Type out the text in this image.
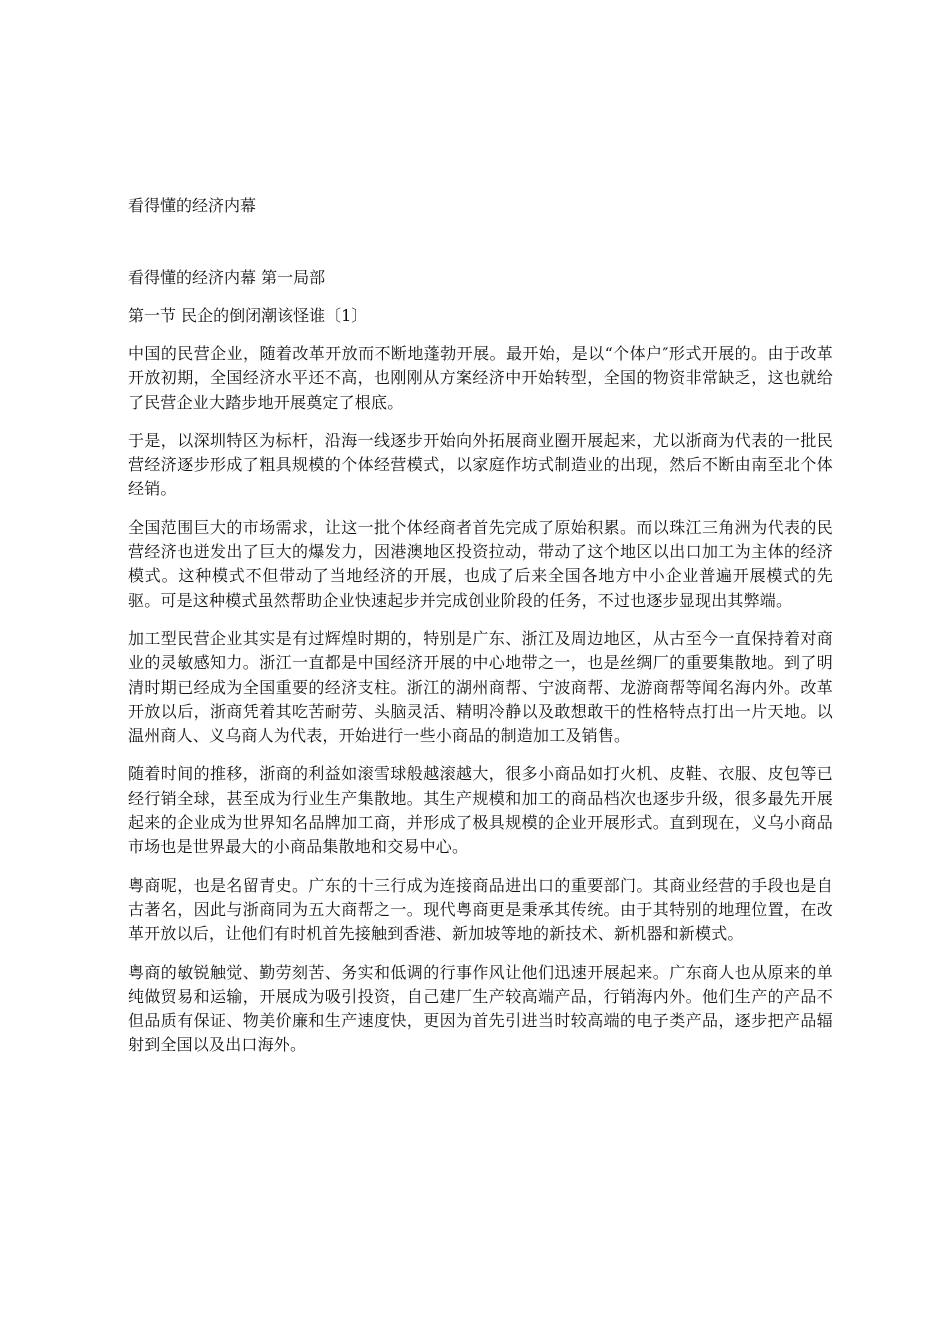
看得懂的经济内幕
看得懂的经济内幕 第一局部
第一节 民企的倒闭潮该怪谁〔1〕

中国的民营企业，随着改革开放而不断地蓬勃开展。最开始，是以“个体户″形式开展的。由于改革开放初期，全国经济水平还不高，也刚刚从方案经济中开始转型，全国的物资非常缺乏，这也就给了民营企业大踏步地开展奠定了根底。

于是，以深圳特区为标杆，沿海一线逐步开始向外拓展商业圈开展起来，尤以浙商为代表的一批民营经济逐步形成了粗具规模的个体经营模式，以家庭作坊式制造业的出现，然后不断由南至北个体经销。

全国范围巨大的市场需求，让这一批个体经商者首先完成了原始积累。而以珠江三角洲为代表的民营经济也迸发出了巨大的爆发力，因港澳地区投资拉动，带动了这个地区以出口加工为主体的经济模式。这种模式不但带动了当地经济的开展，也成了后来全国各地方中小企业普遍开展模式的先驱。可是这种模式虽然帮助企业快速起步并完成创业阶段的任务，不过也逐步显现出其弊端。

加工型民营企业其实是有过辉煌时期的，特别是广东、浙江及周边地区，从古至今一直保持着对商业的灵敏感知力。浙江一直都是中国经济开展的中心地带之一，也是丝绸厂的重要集散地。到了明清时期已经成为全国重要的经济支柱。浙江的湖州商帮、宁波商帮、龙游商帮等闻名海内外。改革开放以后，浙商凭着其吃苦耐劳、头脑灵活、精明冷静以及敢想敢干的性格特点打出一片天地。以温州商人、义乌商人为代表，开始进行一些小商品的制造加工及销售。

随着时间的推移，浙商的利益如滚雪球般越滚越大，很多小商品如打火机、皮鞋、衣服、皮包等已经行销全球，甚至成为行业生产集散地。其生产规模和加工的商品档次也逐步升级，很多最先开展起来的企业成为世界知名品牌加工商，并形成了极具规模的企业开展形式。直到现在，义乌小商品市场也是世界最大的小商品集散地和交易中心。

粤商呢，也是名留青史。广东的十三行成为连接商品进出口的重要部门。其商业经营的手段也是自古著名，因此与浙商同为五大商帮之一。现代粤商更是秉承其传统。由于其特别的地理位置，在改革开放以后，让他们有时机首先接触到香港、新加坡等地的新技术、新机器和新模式。

粤商的敏锐触觉、勤劳刻苦、务实和低调的行事作风让他们迅速开展起来。广东商人也从原来的单纯做贸易和运输，开展成为吸引投资，自己建厂生产较高端产品，行销海内外。他们生产的产品不但品质有保证、物美价廉和生产速度快，更因为首先引进当时较高端的电子类产品，逐步把产品辐射到全国以及出口海外。
